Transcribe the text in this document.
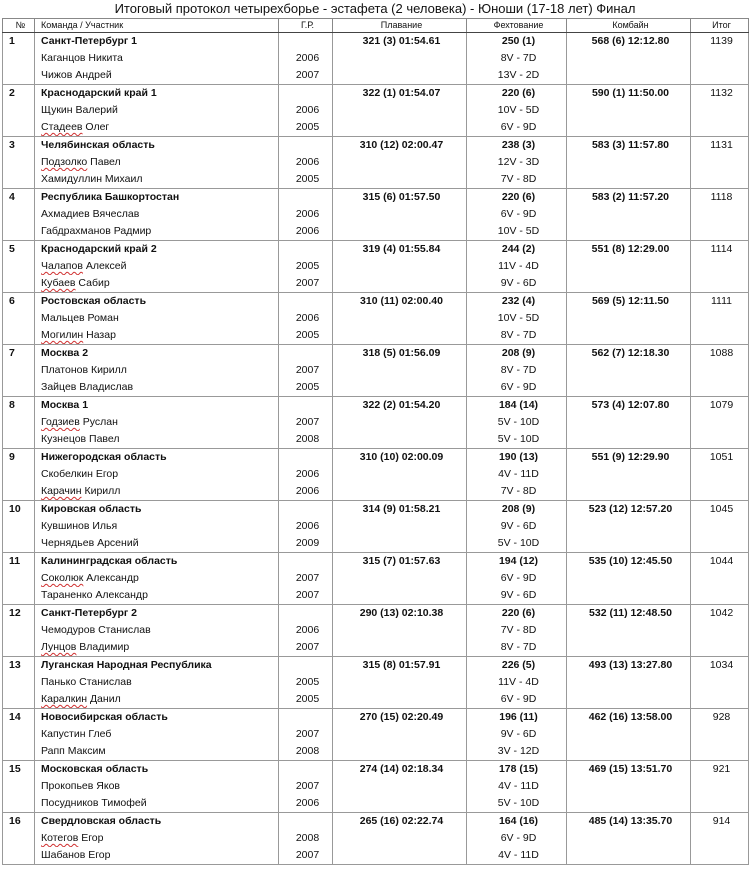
Итоговый протокол четырехборье - эстафета (2 человека) - Юноши (17-18 лет) Финал
№	Команда / Участник	Г.Р.	Плавание	Фехтование	Комбайн	Итог
1	Санкт-Петербург 1		321 (3) 01:54.61	250 (1)	568 (6) 12:12.80	1139
	Каганцов Никита	2006		8V - 7D		
	Чижов Андрей	2007		13V - 2D		
2	Краснодарский край 1		322 (1) 01:54.07	220 (6)	590 (1) 11:50.00	1132
	Щукин Валерий	2006		10V - 5D		
	Стадеев Олег	2005		6V - 9D		
3	Челябинская область		310 (12) 02:00.47	238 (3)	583 (3) 11:57.80	1131
	Подзолко Павел	2006		12V - 3D		
	Хамидуллин Михаил	2005		7V - 8D		
4	Республика Башкортостан		315 (6) 01:57.50	220 (6)	583 (2) 11:57.20	1118
	Ахмадиев Вячеслав	2006		6V - 9D		
	Габдрахманов Радмир	2006		10V - 5D		
5	Краснодарский край 2		319 (4) 01:55.84	244 (2)	551 (8) 12:29.00	1114
	Чалапов Алексей	2005		11V - 4D		
	Кубаев Сабир	2007		9V - 6D		
6	Ростовская область		310 (11) 02:00.40	232 (4)	569 (5) 12:11.50	1111
	Мальцев Роман	2006		10V - 5D		
	Могилин Назар	2005		8V - 7D		
7	Москва 2		318 (5) 01:56.09	208 (9)	562 (7) 12:18.30	1088
	Платонов Кирилл	2007		8V - 7D		
	Зайцев Владислав	2005		6V - 9D		
8	Москва 1		322 (2) 01:54.20	184 (14)	573 (4) 12:07.80	1079
	Годзиев Руслан	2007		5V - 10D		
	Кузнецов Павел	2008		5V - 10D		
9	Нижегородская область		310 (10) 02:00.09	190 (13)	551 (9) 12:29.90	1051
	Скобелкин Егор	2006		4V - 11D		
	Карачин Кирилл	2006		7V - 8D		
10	Кировская область		314 (9) 01:58.21	208 (9)	523 (12) 12:57.20	1045
	Кувшинов Илья	2006		9V - 6D		
	Чернядьев Арсений	2009		5V - 10D		
11	Калининградская область		315 (7) 01:57.63	194 (12)	535 (10) 12:45.50	1044
	Соколюк Александр	2007		6V - 9D		
	Тараненко Александр	2007		9V - 6D		
12	Санкт-Петербург 2		290 (13) 02:10.38	220 (6)	532 (11) 12:48.50	1042
	Чемодуров Станислав	2006		7V - 8D		
	Лунцов Владимир	2007		8V - 7D		
13	Луганская Народная Республика		315 (8) 01:57.91	226 (5)	493 (13) 13:27.80	1034
	Панько Станислав	2005		11V - 4D		
	Каралкин Данил	2005		6V - 9D		
14	Новосибирская область		270 (15) 02:20.49	196 (11)	462 (16) 13:58.00	928
	Капустин Глеб	2007		9V - 6D		
	Рапп Максим	2008		3V - 12D		
15	Московская область		274 (14) 02:18.34	178 (15)	469 (15) 13:51.70	921
	Прокопьев Яков	2007		4V - 11D		
	Посудников Тимофей	2006		5V - 10D		
16	Свердловская область		265 (16) 02:22.74	164 (16)	485 (14) 13:35.70	914
	Котегов Егор	2008		6V - 9D		
	Шабанов Егор	2007		4V - 11D		
